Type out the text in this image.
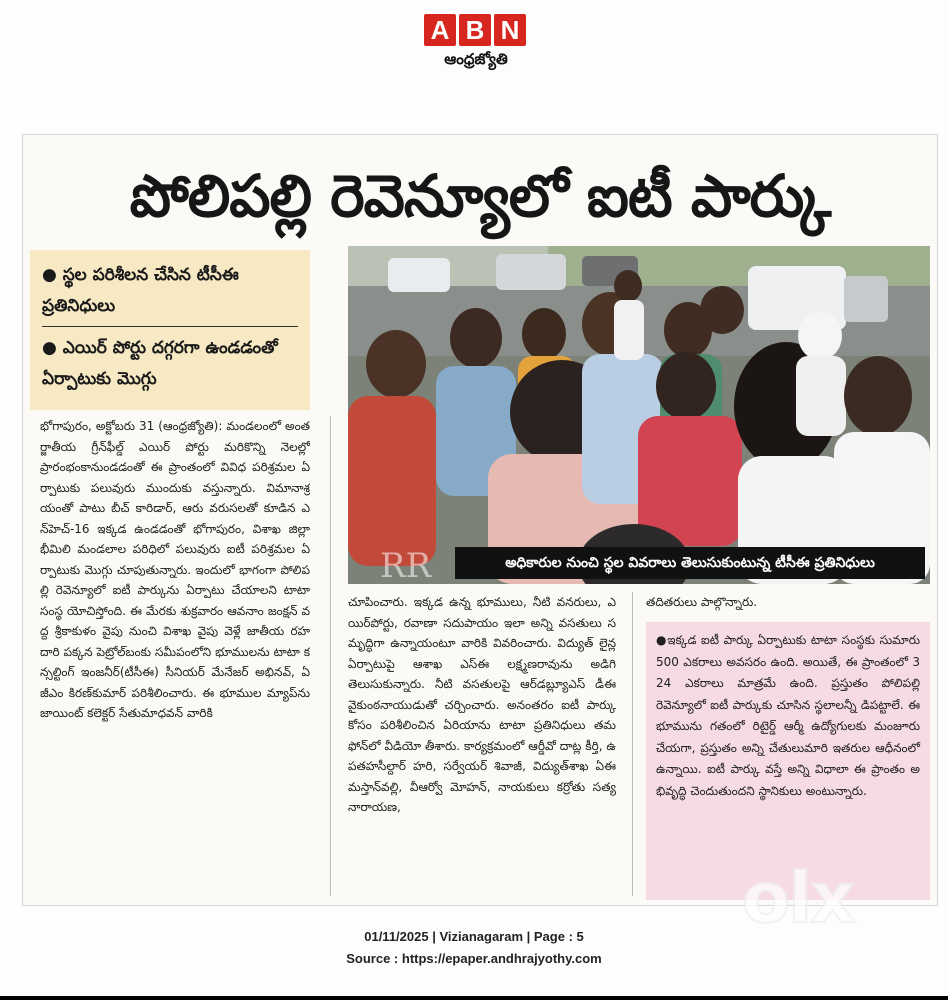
A B N
ఆంధ్రజ్యోతి
పోలిపల్లి రెవెన్యూలో ఐటీ పార్కు
● స్థల పరిశీలన చేసిన టీసీఈ ప్రతినిధులు
● ఎయిర్ పోర్టు దగ్గరగా ఉండడంతో ఏర్పాటుకు మొగ్గు
RR	అధికారుల నుంచి స్థల వివరాలు తెలుసుకుంటున్న టీసీఈ ప్రతినిధులు
భోగాపురం, అక్టోబరు 31 (ఆంధ్రజ్యోతి): మండలంలో అంతర్జాతీయ గ్రీన్‌ఫీల్డ్ ఎయిర్ పోర్టు మరికొన్ని నెలల్లో ప్రారంభంకానుండడంతో ఈ ప్రాంతంలో వివిధ పరిశ్రమల ఏర్పాటుకు పలువురు ముందుకు వస్తున్నారు. విమానాశ్రయంతో పాటు బీచ్ కారిడార్, ఆరు వరుసలతో కూడిన ఎన్‌హెచ్-16 ఇక్కడ ఉండడంతో భోగాపురం, విశాఖ జిల్లా భీమిలి మండలాల పరిధిలో పలువురు ఐటీ పరిశ్రమల ఏర్పాటుకు మొగ్గు చూపుతున్నారు. ఇందులో భాగంగా పోలిపల్లి రెవెన్యూలో ఐటీ పార్కును ఏర్పాటు చేయాలని టాటా సంస్థ యోచిస్తోంది. ఈ మేరకు శుక్రవారం ఆవనాం జంక్షన్ వద్ద శ్రీకాకుళం వైపు నుంచి విశాఖ వైపు వెళ్లే జాతీయ రహదారి పక్కన పెట్రోల్‌బంకు సమీపంలోని భూములను టాటా కన్సల్టింగ్ ఇంజనీర్(టీసీఈ) సీనియర్ మేనేజర్ అభినవ్, ఏజీఎం కిరణ్‌కుమార్ పరిశీలించారు. ఈ భూముల మ్యాప్‌ను జాయింట్ కలెక్టర్ సేతుమాధవన్ వారికి
చూపించారు. ఇక్కడ ఉన్న భూములు, నీటి వనరులు, ఎయిర్‌పోర్టు, రవాణా సదుపాయం ఇలా అన్ని వసతులు సమృద్ధిగా ఉన్నాయంటూ వారికి వివరించారు. విద్యుత్ లైన్ల ఏర్పాటుపై ఆశాఖ ఎస్ఈ లక్ష్మణరావును అడిగి తెలుసుకున్నారు. నీటి వసతులపై ఆర్‌డబ్ల్యూఎస్ డీఈ వైకుంఠనాయుడుతో చర్చించారు. అనంతరం ఐటీ పార్కు కోసం పరిశీలించిన ఏరియాను టాటా ప్రతినిధులు తమ ఫోన్‌లో వీడియో తీశారు. కార్యక్రమంలో ఆర్డీవో దాట్ల కీర్తి, ఉపతహసీల్దార్ హరి, సర్వేయర్ శివాజీ, విద్యుత్‌శాఖ ఏఈ మస్తాన్‌వల్లి, వీఆర్వో మోహన్, నాయకులు కర్రోతు సత్యనారాయణ,
తదితరులు పాల్గొన్నారు.
●ఇక్కడ ఐటీ పార్కు ఏర్పాటుకు టాటా సంస్థకు సుమారు 500 ఎకరాలు అవసరం ఉంది. అయితే, ఈ ప్రాంతంలో 324 ఎకరాలు మాత్రమే ఉంది. ప్రస్తుతం పోలిపల్లి రెవెన్యూలో ఐటీ పార్కుకు చూసిన స్థలాలన్నీ డిపట్టాలే. ఈ భూమును గతంలో రిటైర్డ్ ఆర్మీ ఉద్యోగులకు మంజూరు చేయగా, ప్రస్తుతం అన్ని చేతులుమారి ఇతరుల ఆధీనంలో ఉన్నాయి. ఐటీ పార్కు వస్తే అన్ని విధాలా ఈ ప్రాంతం అభివృద్ధి చెందుతుందని స్థానికులు అంటున్నారు.
olx	INDIA
01/11/2025 | Vizianagaram | Page : 5
Source : https://epaper.andhrajyothy.com
